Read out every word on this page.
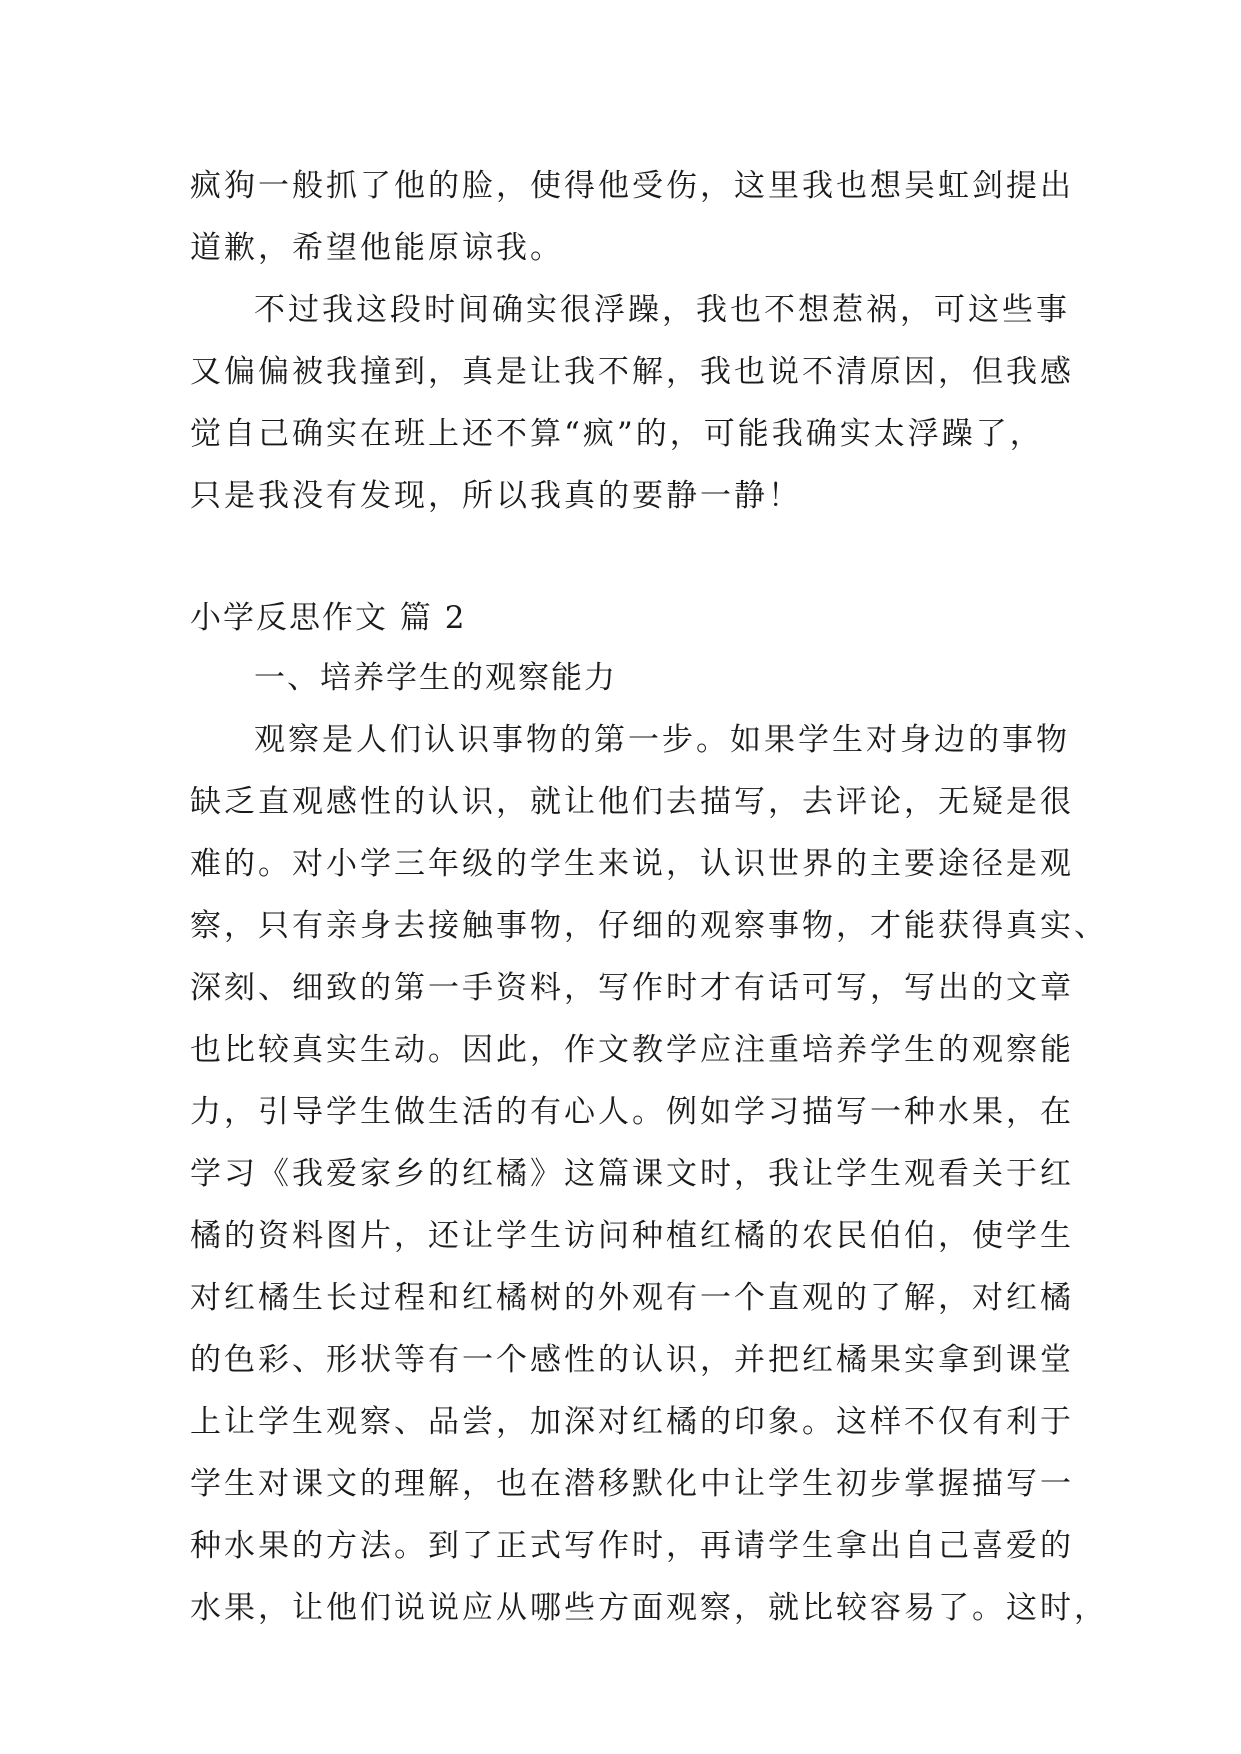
疯狗一般抓了他的脸，使得他受伤，这里我也想吴虹剑提出
道歉，希望他能原谅我。
不过我这段时间确实很浮躁，我也不想惹祸，可这些事
又偏偏被我撞到，真是让我不解，我也说不清原因，但我感
觉自己确实在班上还不算“疯”的，可能我确实太浮躁了，
只是我没有发现，所以我真的要静一静！
小学反思作文 篇 2
一、培养学生的观察能力
观察是人们认识事物的第一步。如果学生对身边的事物
缺乏直观感性的认识，就让他们去描写，去评论，无疑是很
难的。对小学三年级的学生来说，认识世界的主要途径是观
察，只有亲身去接触事物，仔细的观察事物，才能获得真实、
深刻、细致的第一手资料，写作时才有话可写，写出的文章
也比较真实生动。因此，作文教学应注重培养学生的观察能
力，引导学生做生活的有心人。例如学习描写一种水果，在
学习《我爱家乡的红橘》这篇课文时，我让学生观看关于红
橘的资料图片，还让学生访问种植红橘的农民伯伯，使学生
对红橘生长过程和红橘树的外观有一个直观的了解，对红橘
的色彩、形状等有一个感性的认识，并把红橘果实拿到课堂
上让学生观察、品尝，加深对红橘的印象。这样不仅有利于
学生对课文的理解，也在潜移默化中让学生初步掌握描写一
种水果的方法。到了正式写作时，再请学生拿出自己喜爱的
水果，让他们说说应从哪些方面观察，就比较容易了。这时，
